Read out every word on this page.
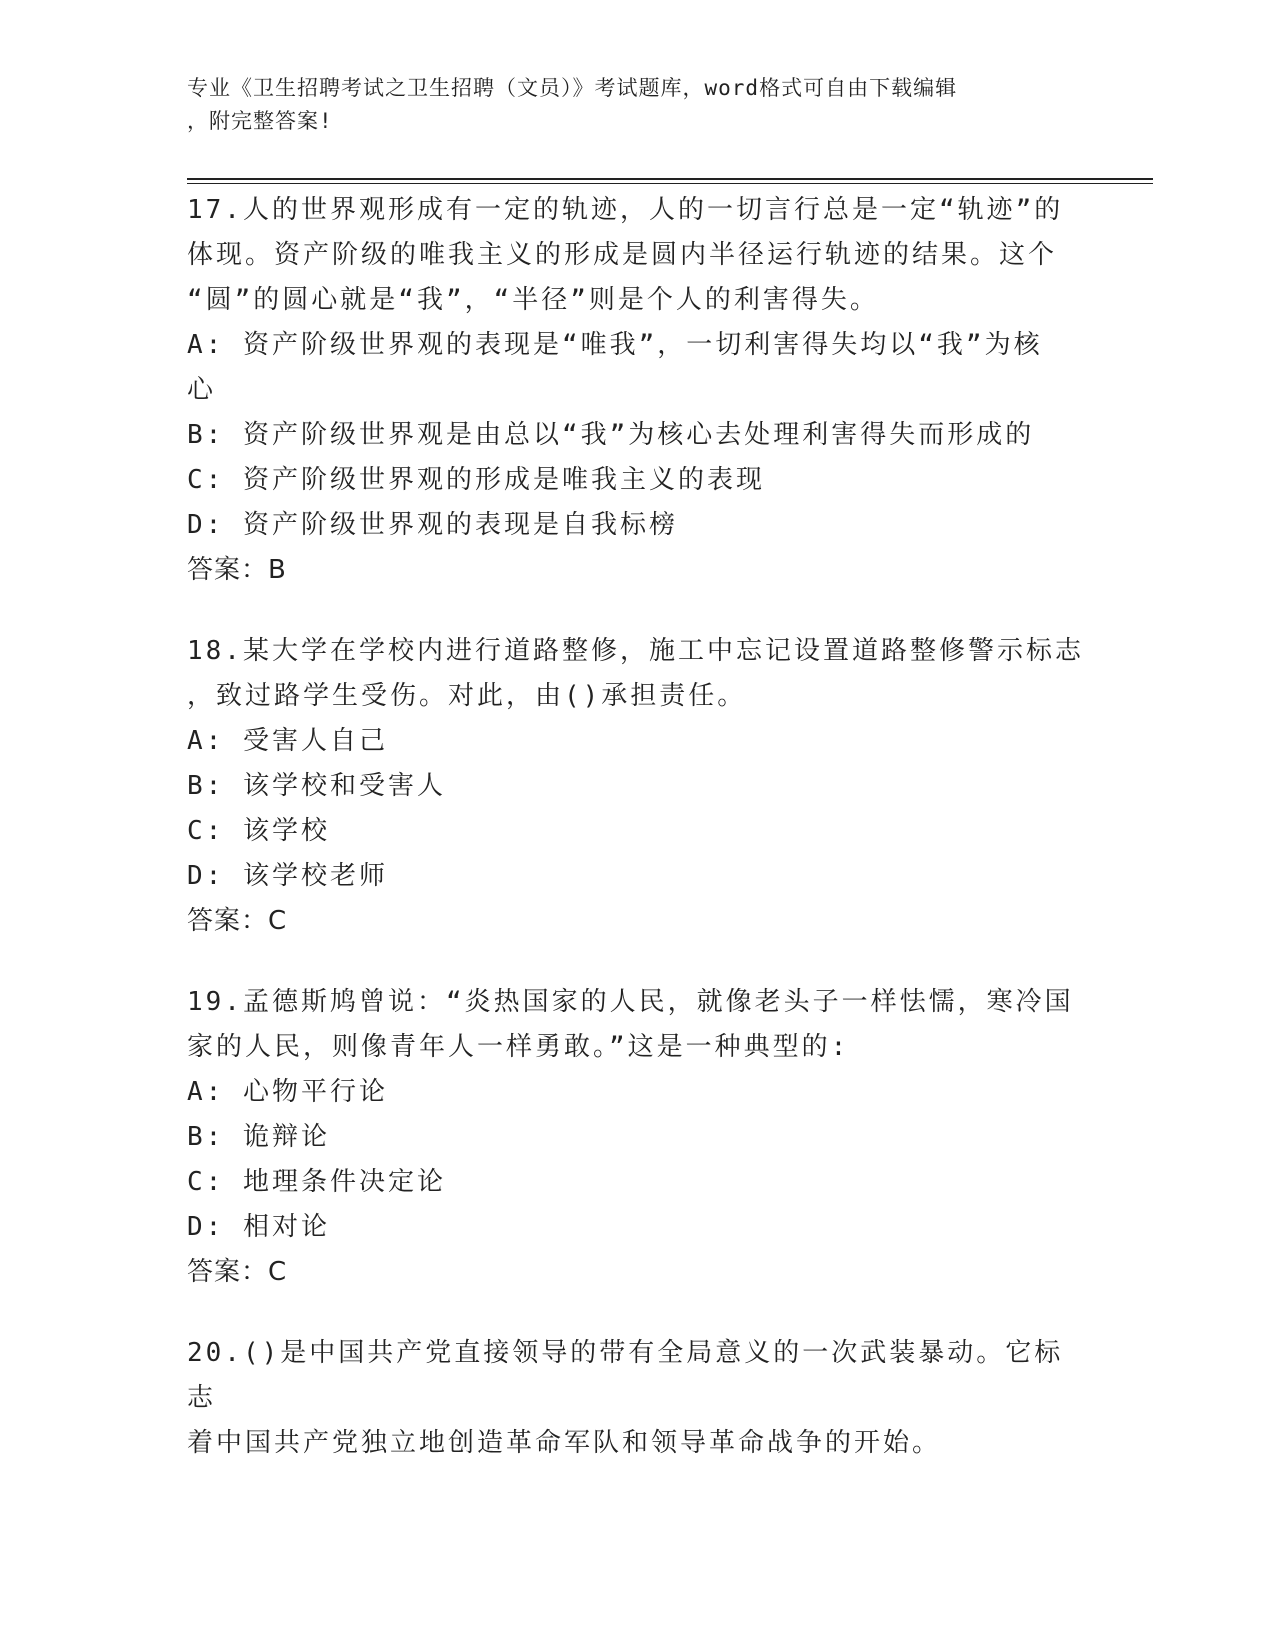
专业《卫生招聘考试之卫生招聘（文员）》考试题库，word格式可自由下载编辑
，附完整答案!
17.人的世界观形成有一定的轨迹，人的一切言行总是一定“轨迹”的
体现。资产阶级的唯我主义的形成是圆内半径运行轨迹的结果。这个
“圆”的圆心就是“我”，“半径”则是个人的利害得失。
A: 资产阶级世界观的表现是“唯我”，一切利害得失均以“我”为核
心
B: 资产阶级世界观是由总以“我”为核心去处理利害得失而形成的
C: 资产阶级世界观的形成是唯我主义的表现
D: 资产阶级世界观的表现是自我标榜
答案：B
18.某大学在学校内进行道路整修，施工中忘记设置道路整修警示标志
，致过路学生受伤。对此，由()承担责任。
A: 受害人自己
B: 该学校和受害人
C: 该学校
D: 该学校老师
答案：C
19.孟德斯鸠曾说：“炎热国家的人民，就像老头子一样怯懦，寒冷国
家的人民，则像青年人一样勇敢。”这是一种典型的:
A: 心物平行论
B: 诡辩论
C: 地理条件决定论
D: 相对论
答案：C
20.()是中国共产党直接领导的带有全局意义的一次武装暴动。它标志
着中国共产党独立地创造革命军队和领导革命战争的开始。
